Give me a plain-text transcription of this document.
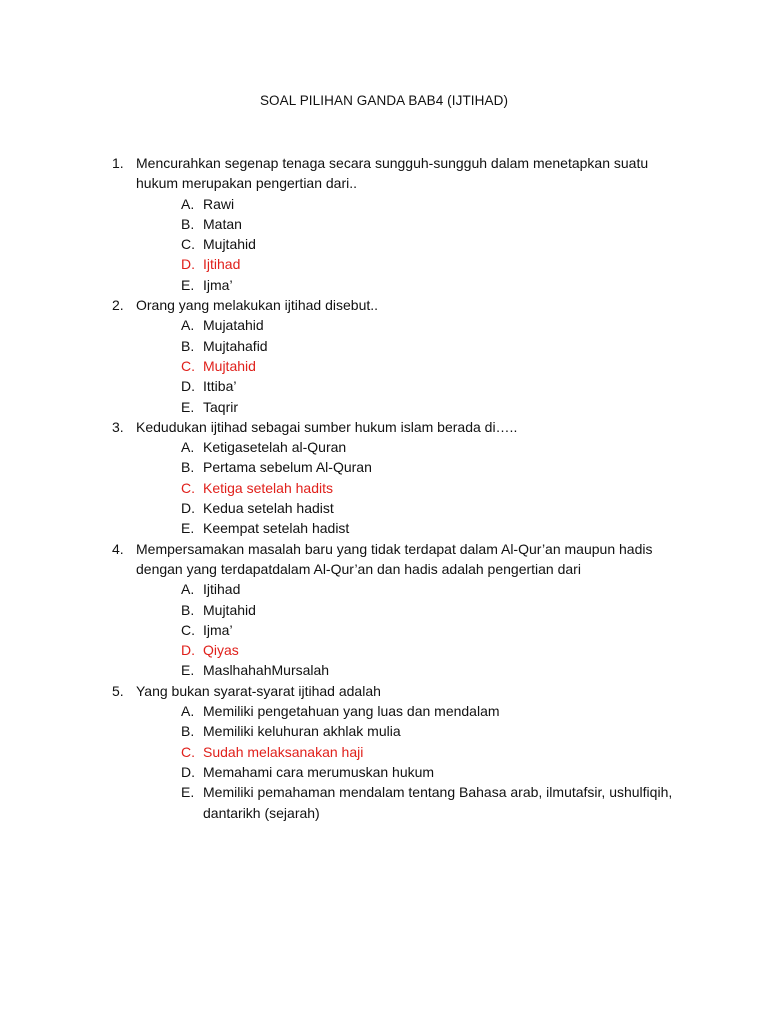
SOAL PILIHAN GANDA BAB4 (IJTIHAD)
1. Mencurahkan segenap tenaga secara sungguh-sungguh dalam menetapkan suatu hukum merupakan pengertian dari..
A. Rawi
B. Matan
C. Mujtahid
D. Ijtihad
E. Ijma’
2. Orang yang melakukan ijtihad disebut..
A. Mujatahid
B. Mujtahafid
C. Mujtahid
D. Ittiba’
E. Taqrir
3. Kedudukan ijtihad sebagai sumber hukum islam berada di…..
A. Ketigasetelah al-Quran
B. Pertama sebelum Al-Quran
C. Ketiga setelah hadits
D. Kedua setelah hadist
E. Keempat setelah hadist
4. Mempersamakan masalah baru yang tidak terdapat dalam Al-Qur’an maupun hadis dengan yang terdapatdalam Al-Qur’an dan hadis adalah pengertian dari
A. Ijtihad
B. Mujtahid
C. Ijma’
D. Qiyas
E. MaslhahahMursalah
5. Yang bukan syarat-syarat ijtihad adalah
A. Memiliki pengetahuan yang luas dan mendalam
B. Memiliki keluhuran akhlak mulia
C. Sudah melaksanakan haji
D. Memahami cara merumuskan hukum
E. Memiliki pemahaman mendalam tentang Bahasa arab, ilmutafsir, ushulfiqih, dantarikh (sejarah)
